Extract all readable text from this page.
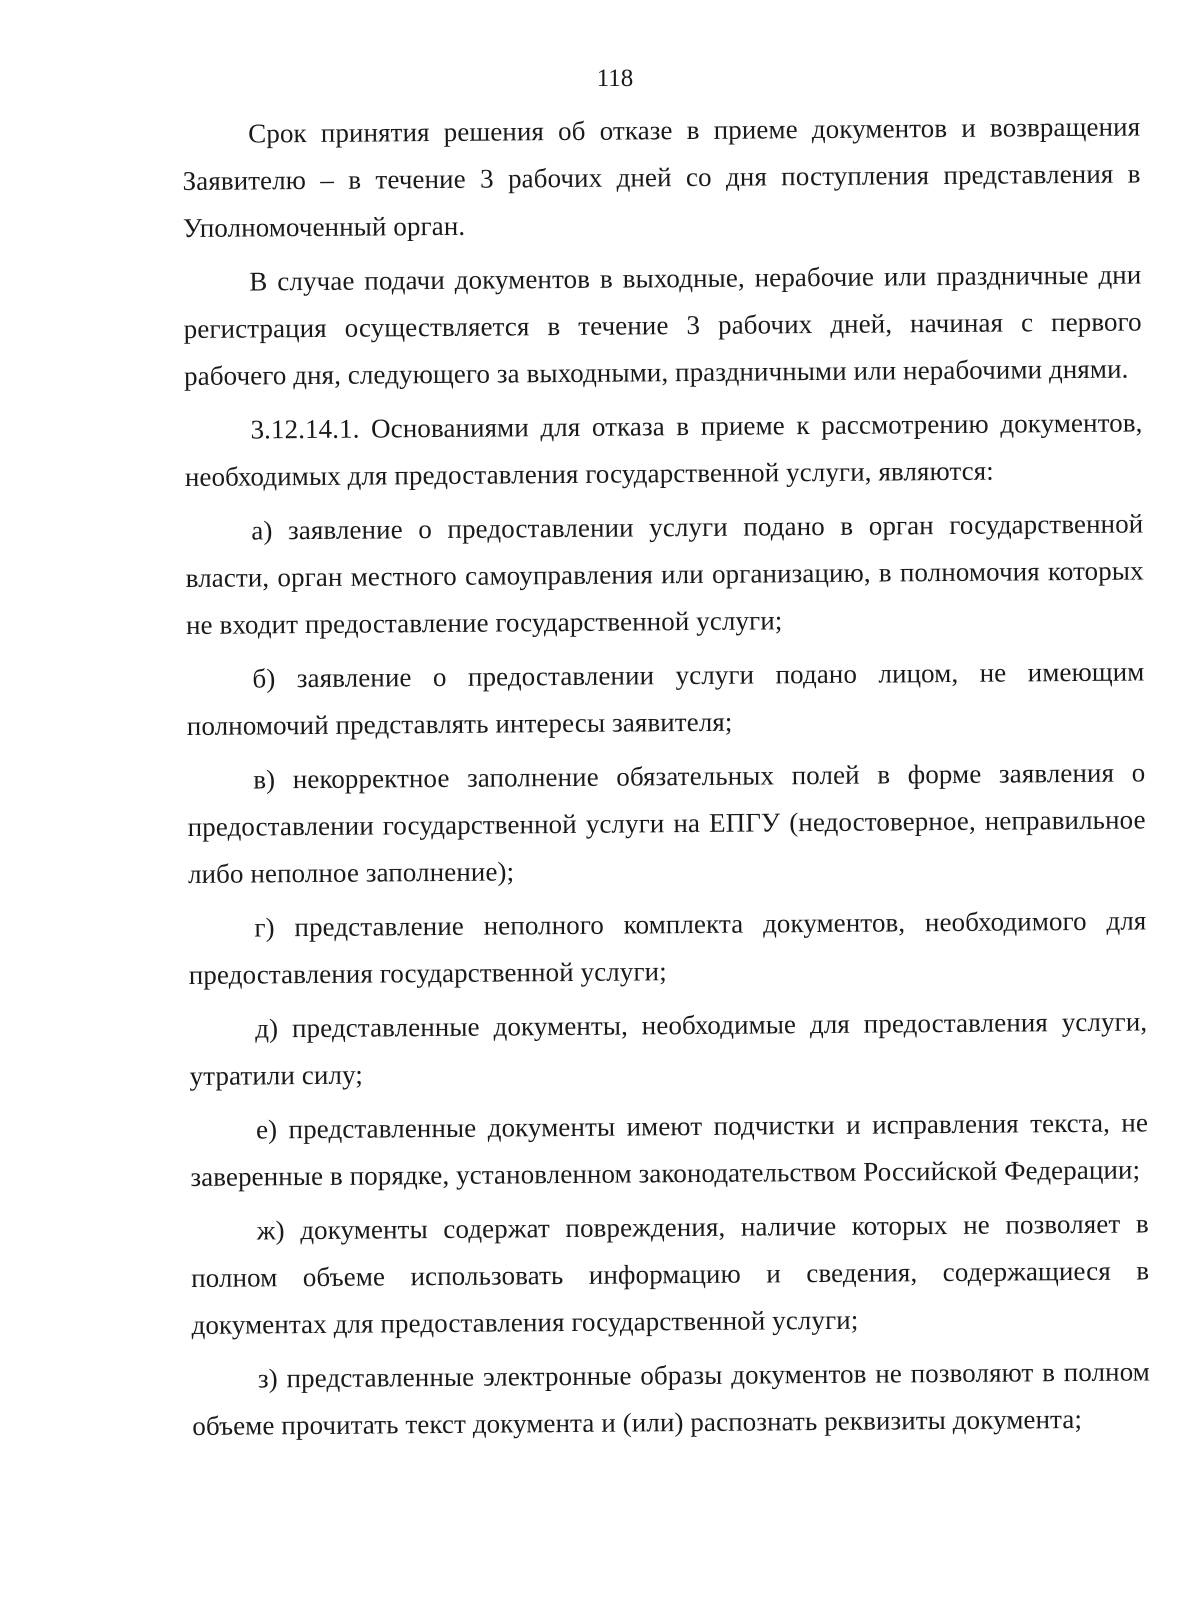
118

Срок принятия решения об отказе в приеме документов и возвращения Заявителю – в течение 3 рабочих дней со дня поступления представления в Уполномоченный орган.

В случае подачи документов в выходные, нерабочие или праздничные дни регистрация осуществляется в течение 3 рабочих дней, начиная с первого рабочего дня, следующего за выходными, праздничными или нерабочими днями.

3.12.14.1. Основаниями для отказа в приеме к рассмотрению документов, необходимых для предоставления государственной услуги, являются:

а) заявление о предоставлении услуги подано в орган государственной власти, орган местного самоуправления или организацию, в полномочия которых не входит предоставление государственной услуги;

б) заявление о предоставлении услуги подано лицом, не имеющим полномочий представлять интересы заявителя;

в) некорректное заполнение обязательных полей в форме заявления о предоставлении государственной услуги на ЕПГУ (недостоверное, неправильное либо неполное заполнение);

г) представление неполного комплекта документов, необходимого для предоставления государственной услуги;

д) представленные документы, необходимые для предоставления услуги, утратили силу;

е) представленные документы имеют подчистки и исправления текста, не заверенные в порядке, установленном законодательством Российской Федерации;

ж) документы содержат повреждения, наличие которых не позволяет в полном объеме использовать информацию и сведения, содержащиеся в документах для предоставления государственной услуги;

з) представленные электронные образы документов не позволяют в полном объеме прочитать текст документа и (или) распознать реквизиты документа;
